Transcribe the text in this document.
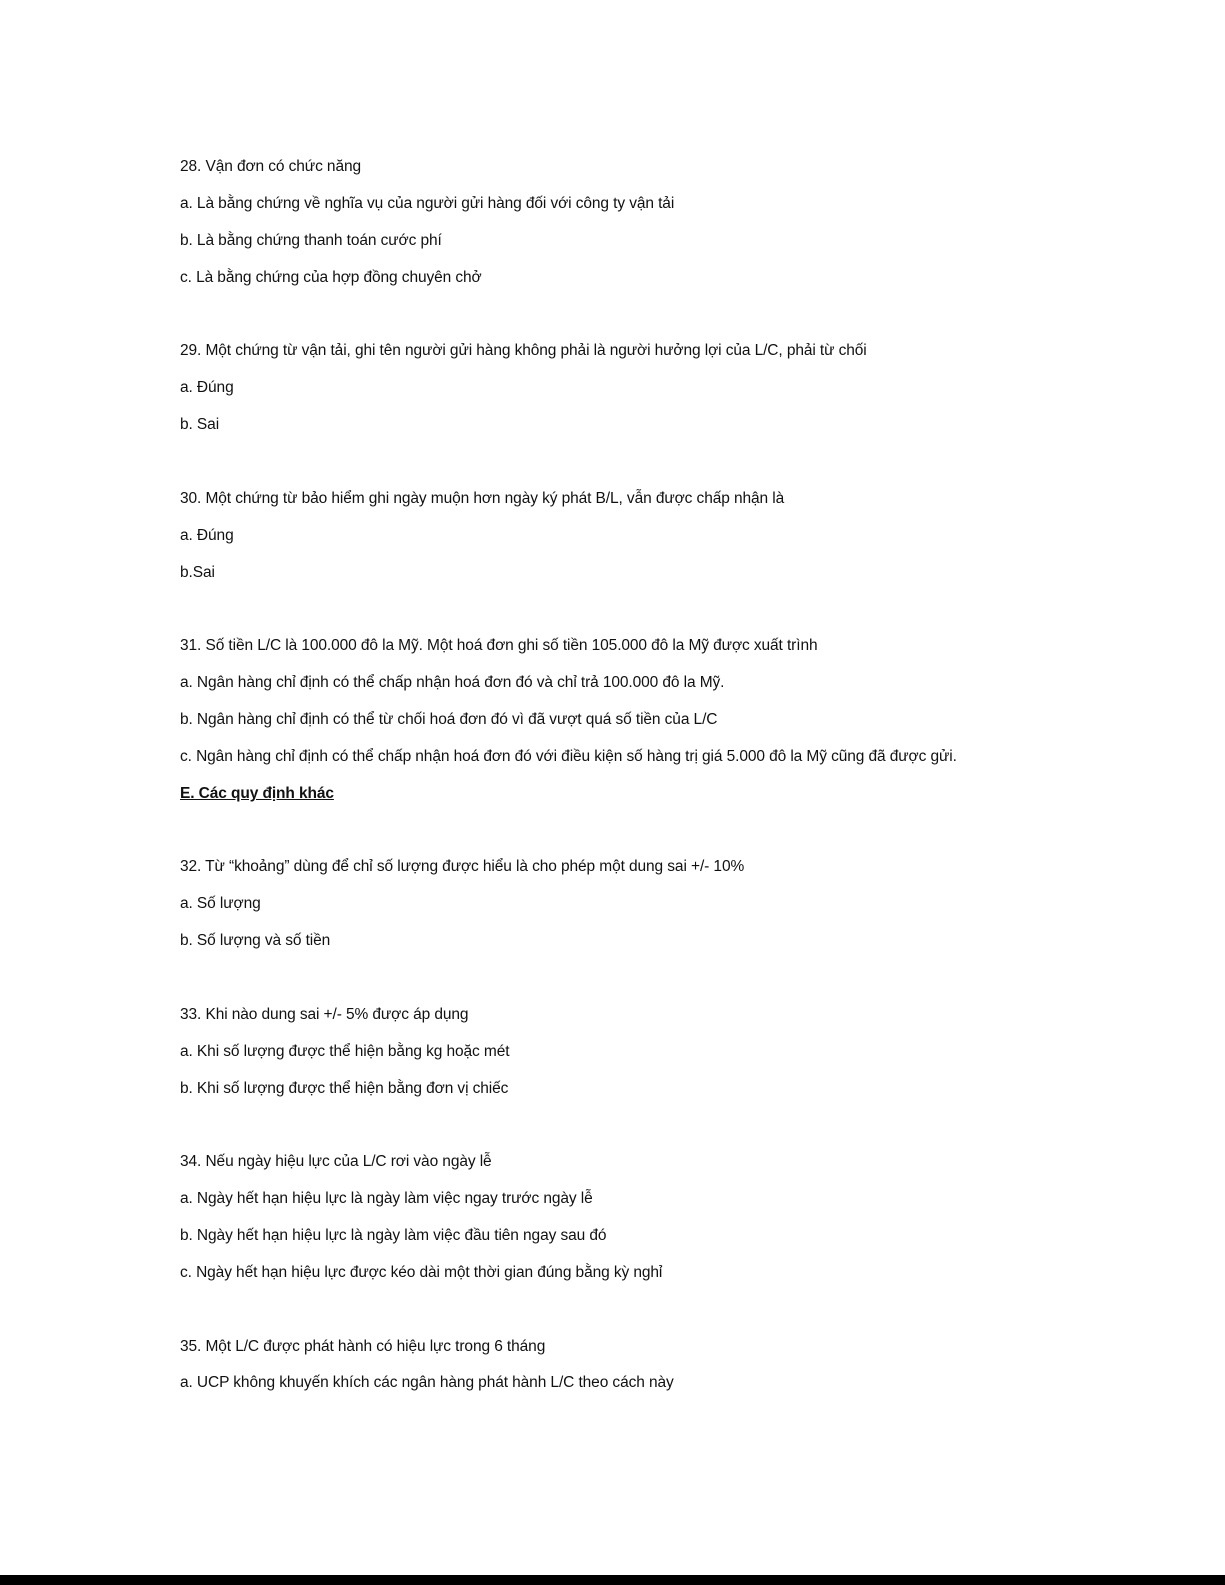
28. Vận đơn có chức năng
a. Là bằng chứng về nghĩa vụ của người gửi hàng đối với công ty vận tải
b. Là bằng chứng thanh toán cước phí
c. Là bằng chứng của hợp đồng chuyên chở
29. Một chứng từ vận tải, ghi tên người gửi hàng không phải là người hưởng lợi của L/C, phải từ chối
a. Đúng
b. Sai
30. Một chứng từ bảo hiểm ghi ngày muộn hơn ngày ký phát B/L, vẫn được chấp nhận là
a. Đúng
b.Sai
31. Số tiền L/C là 100.000 đô la Mỹ. Một hoá đơn ghi số tiền 105.000 đô la Mỹ được xuất trình
a. Ngân hàng chỉ định có thể chấp nhận hoá đơn đó và chỉ trả 100.000 đô la Mỹ.
b. Ngân hàng chỉ định có thể từ chối hoá đơn đó vì đã vượt quá số tiền của L/C
c. Ngân hàng chỉ định có thể chấp nhận hoá đơn đó với điều kiện số hàng trị giá 5.000 đô la Mỹ cũng đã được gửi.
E. Các quy định khác
32. Từ “khoảng” dùng để chỉ số lượng được hiểu là cho phép một dung sai +/- 10%
a. Số lượng
b. Số lượng và số tiền
33. Khi nào dung sai +/- 5% được áp dụng
a. Khi số lượng được thể hiện bằng kg hoặc mét
b. Khi số lượng được thể hiện bằng đơn vị chiếc
34. Nếu ngày hiệu lực của L/C rơi vào ngày lễ
a. Ngày hết hạn hiệu lực là ngày làm việc ngay trước ngày lễ
b. Ngày hết hạn hiệu lực là ngày làm việc đầu tiên ngay sau đó
c. Ngày hết hạn hiệu lực được kéo dài một thời gian đúng bằng kỳ nghỉ
35. Một L/C được phát hành có hiệu lực trong 6 tháng
a. UCP không khuyến khích các ngân hàng phát hành L/C theo cách này
